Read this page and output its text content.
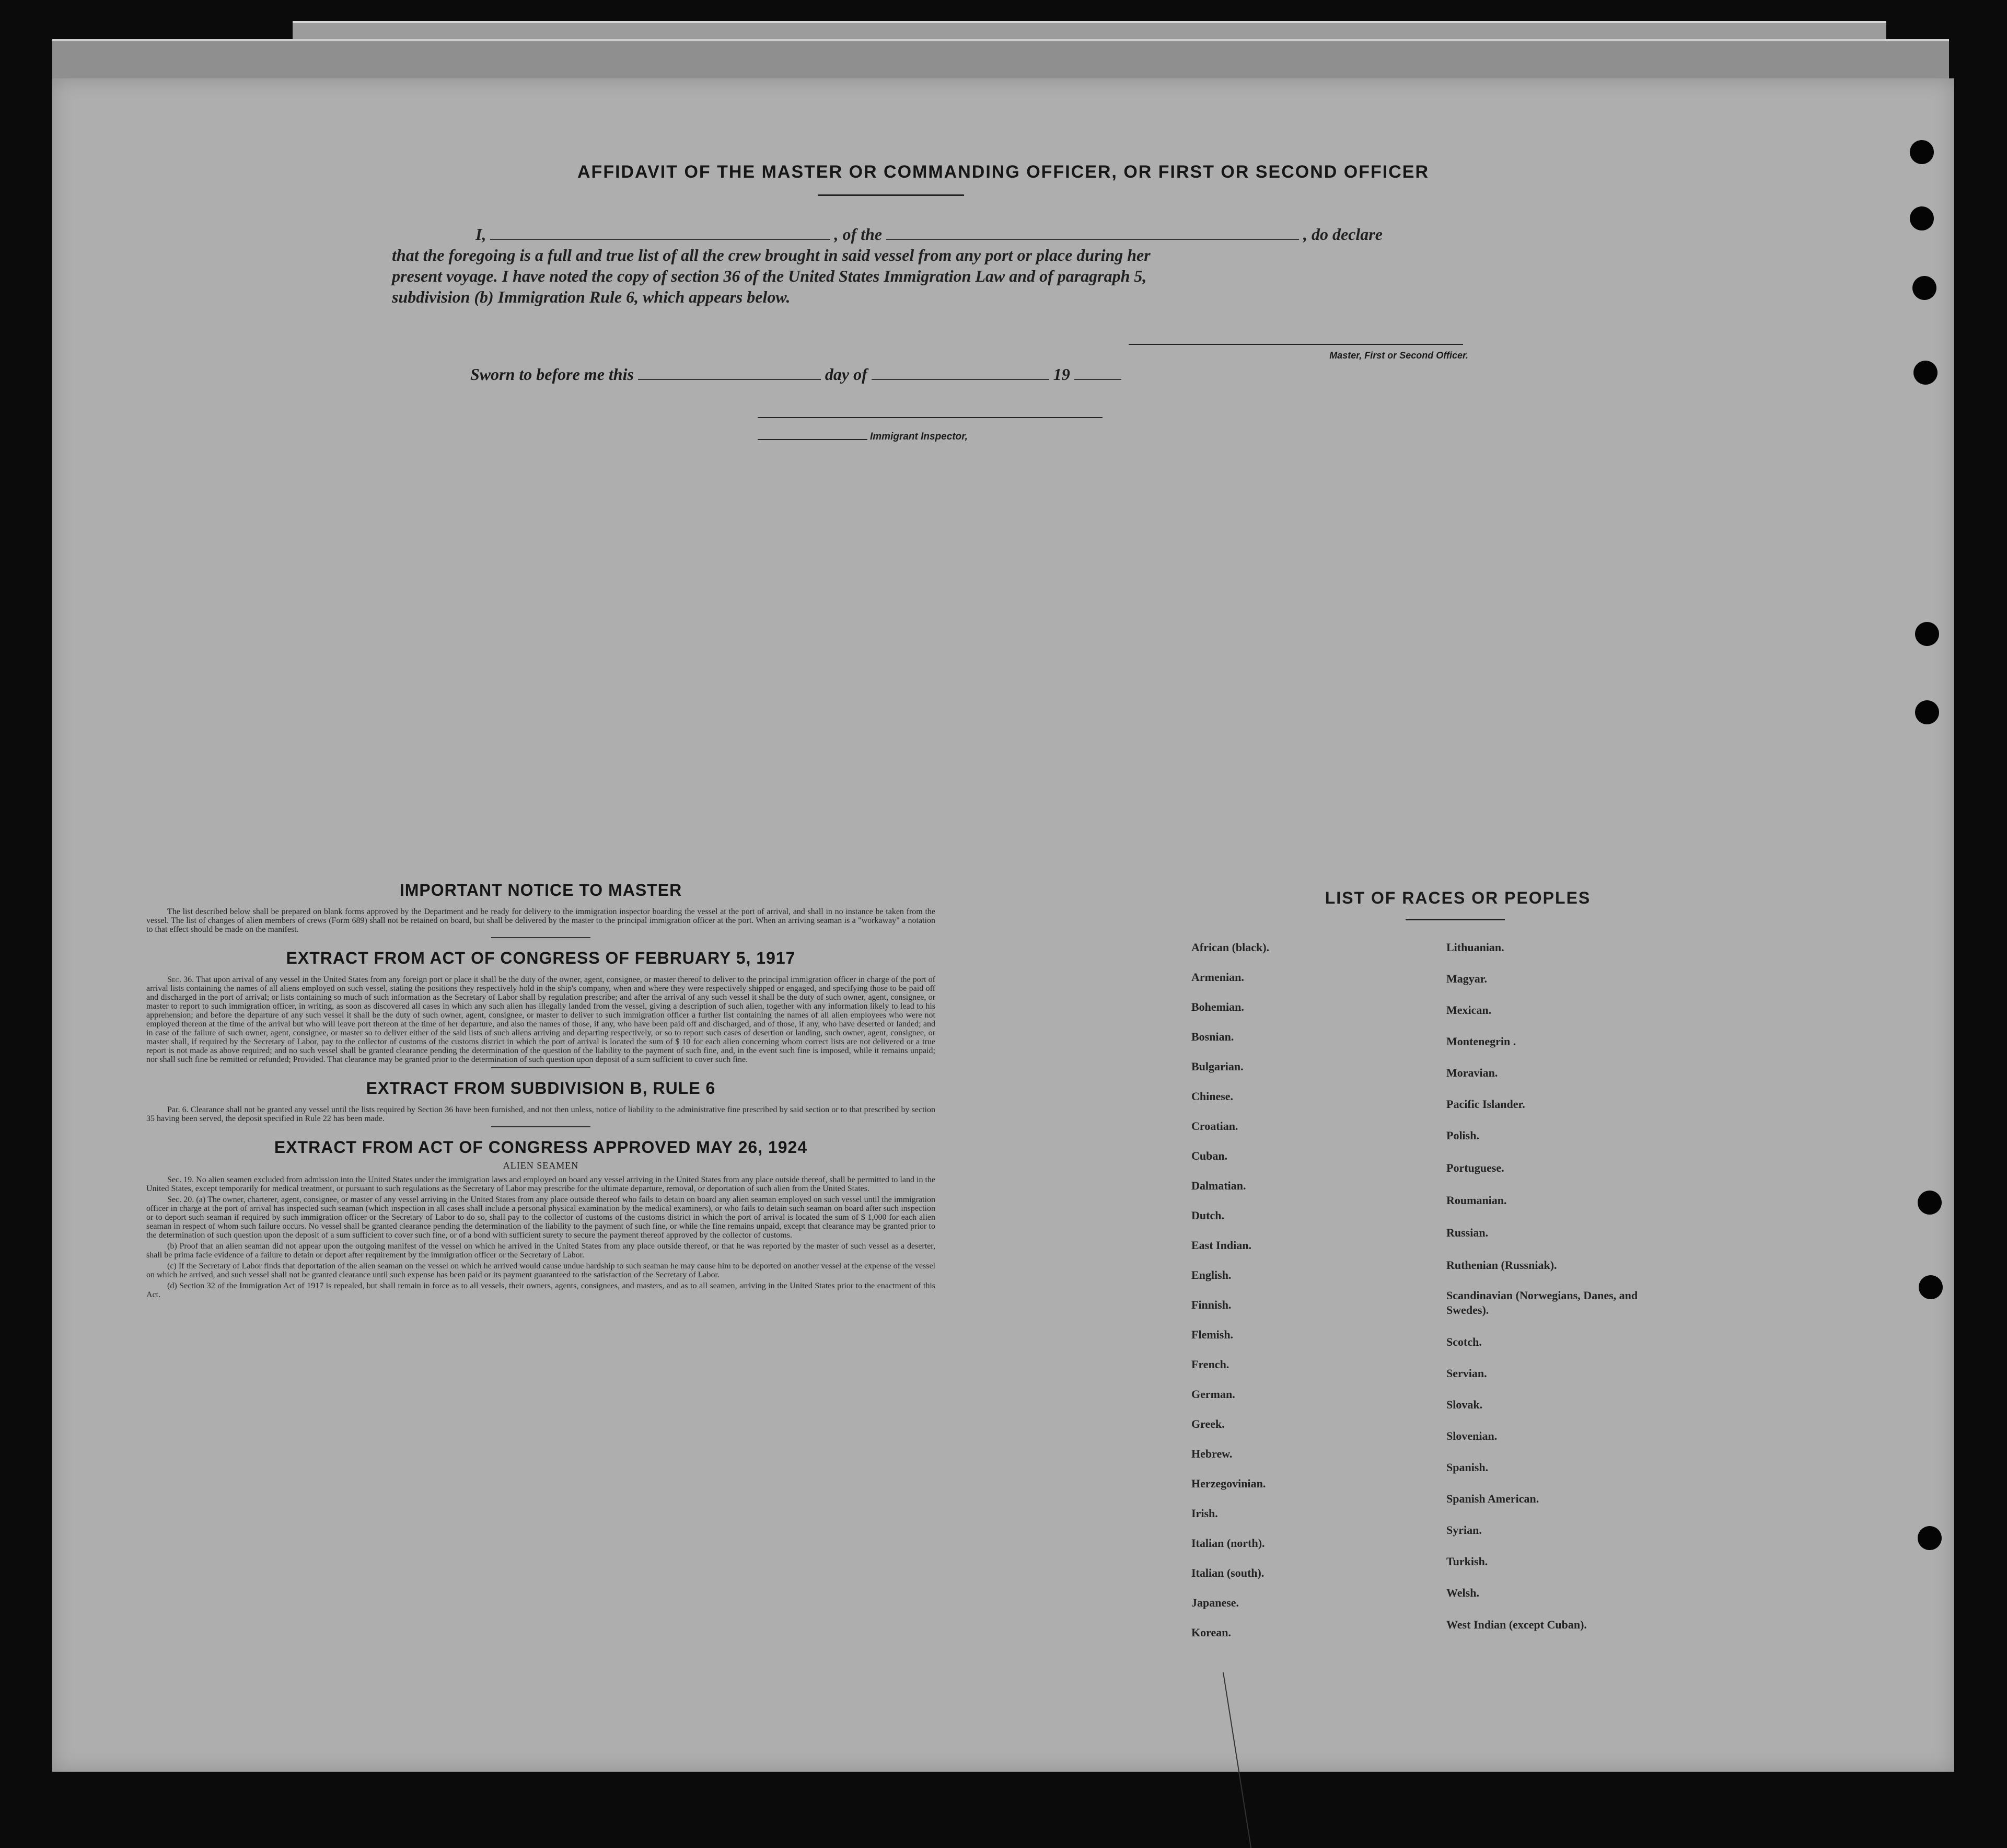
AFFIDAVIT OF THE MASTER OR COMMANDING OFFICER, OR FIRST OR SECOND OFFICER
I,	, of the	, do declare
that the foregoing is a full and true list of all the crew brought in said vessel from any port or place during her
present voyage. I have noted the copy of section 36 of the United States Immigration Law and of paragraph 5,
subdivision (b) Immigration Rule 6, which appears below.
Master, First or Second Officer.
Sworn to before me this	day of	19
Immigrant Inspector,
IMPORTANT NOTICE TO MASTER

The list described below shall be prepared on blank forms approved by the Department and be ready for delivery to the immigration inspector boarding the vessel at the port of arrival, and shall in no instance be taken from the vessel. The list of changes of alien members of crews (Form 689) shall not be retained on board, but shall be delivered by the master to the principal immigration officer at the port. When an arriving seaman is a "workaway" a notation to that effect should be made on the manifest.

EXTRACT FROM ACT OF CONGRESS OF FEBRUARY 5, 1917

Sec. 36. That upon arrival of any vessel in the United States from any foreign port or place it shall be the duty of the owner, agent, consignee, or master thereof to deliver to the principal immigration officer in charge of the port of arrival lists containing the names of all aliens employed on such vessel, stating the positions they respectively hold in the ship's company, when and where they were respectively shipped or engaged, and specifying those to be paid off and discharged in the port of arrival; or lists containing so much of such information as the Secretary of Labor shall by regulation prescribe; and after the arrival of any such vessel it shall be the duty of such owner, agent, consignee, or master to report to such immigration officer, in writing, as soon as discovered all cases in which any such alien has illegally landed from the vessel, giving a description of such alien, together with any information likely to lead to his apprehension; and before the departure of any such vessel it shall be the duty of such owner, agent, consignee, or master to deliver to such immigration officer a further list containing the names of all alien employees who were not employed thereon at the time of the arrival but who will leave port thereon at the time of her departure, and also the names of those, if any, who have been paid off and discharged, and of those, if any, who have deserted or landed; and in case of the failure of such owner, agent, consignee, or master so to deliver either of the said lists of such aliens arriving and departing respectively, or so to report such cases of desertion or landing, such owner, agent, consignee, or master shall, if required by the Secretary of Labor, pay to the collector of customs of the customs district in which the port of arrival is located the sum of $ 10 for each alien concerning whom correct lists are not delivered or a true report is not made as above required; and no such vessel shall be granted clearance pending the determination of the question of the liability to the payment of such fine, and, in the event such fine is imposed, while it remains unpaid; nor shall such fine be remitted or refunded; Provided. That clearance may be granted prior to the determination of such question upon deposit of a sum sufficient to cover such fine.

EXTRACT FROM SUBDIVISION B, RULE 6

Par. 6. Clearance shall not be granted any vessel until the lists required by Section 36 have been furnished, and not then unless, notice of liability to the administrative fine prescribed by said section or to that prescribed by section 35 having been served, the deposit specified in Rule 22 has been made.

EXTRACT FROM ACT OF CONGRESS APPROVED MAY 26, 1924
ALIEN SEAMEN

Sec. 19. No alien seamen excluded from admission into the United States under the immigration laws and employed on board any vessel arriving in the United States from any place outside thereof, shall be permitted to land in the United States, except temporarily for medical treatment, or pursuant to such regulations as the Secretary of Labor may prescribe for the ultimate departure, removal, or deportation of such alien from the United States.

Sec. 20. (a) The owner, charterer, agent, consignee, or master of any vessel arriving in the United States from any place outside thereof who fails to detain on board any alien seaman employed on such vessel until the immigration officer in charge at the port of arrival has inspected such seaman (which inspection in all cases shall include a personal physical examination by the medical examiners), or who fails to detain such seaman on board after such inspection or to deport such seaman if required by such immigration officer or the Secretary of Labor to do so, shall pay to the collector of customs of the customs district in which the port of arrival is located the sum of $ 1,000 for each alien seaman in respect of whom such failure occurs. No vessel shall be granted clearance pending the determination of the liability to the payment of such fine, or while the fine remains unpaid, except that clearance may be granted prior to the determination of such question upon the deposit of a sum sufficient to cover such fine, or of a bond with sufficient surety to secure the payment thereof approved by the collector of customs.

(b) Proof that an alien seaman did not appear upon the outgoing manifest of the vessel on which he arrived in the United States from any place outside thereof, or that he was reported by the master of such vessel as a deserter, shall be prima facie evidence of a failure to detain or deport after requirement by the immigration officer or the Secretary of Labor.

(c) If the Secretary of Labor finds that deportation of the alien seaman on the vessel on which he arrived would cause undue hardship to such seaman he may cause him to be deported on another vessel at the expense of the vessel on which he arrived, and such vessel shall not be granted clearance until such expense has been paid or its payment guaranteed to the satisfaction of the Secretary of Labor.

(d) Section 32 of the Immigration Act of 1917 is repealed, but shall remain in force as to all vessels, their owners, agents, consignees, and masters, and as to all seamen, arriving in the United States prior to the enactment of this Act.

LIST OF RACES OR PEOPLES
African (black).
Armenian.
Bohemian.
Bosnian.
Bulgarian.
Chinese.
Croatian.
Cuban.
Dalmatian.
Dutch.
East Indian.
English.
Finnish.
Flemish.
French.
German.
Greek.
Hebrew.
Herzegovinian.
Irish.
Italian (north).
Italian (south).
Japanese.
Korean.
Lithuanian.
Magyar.
Mexican.
Montenegrin .
Moravian.
Pacific Islander.
Polish.
Portuguese.
Roumanian.
Russian.
Ruthenian (Russniak).
Scandinavian (Norwegians, Danes, and Swedes).
Scotch.
Servian.
Slovak.
Slovenian.
Spanish.
Spanish American.
Syrian.
Turkish.
Welsh.
West Indian (except Cuban).
